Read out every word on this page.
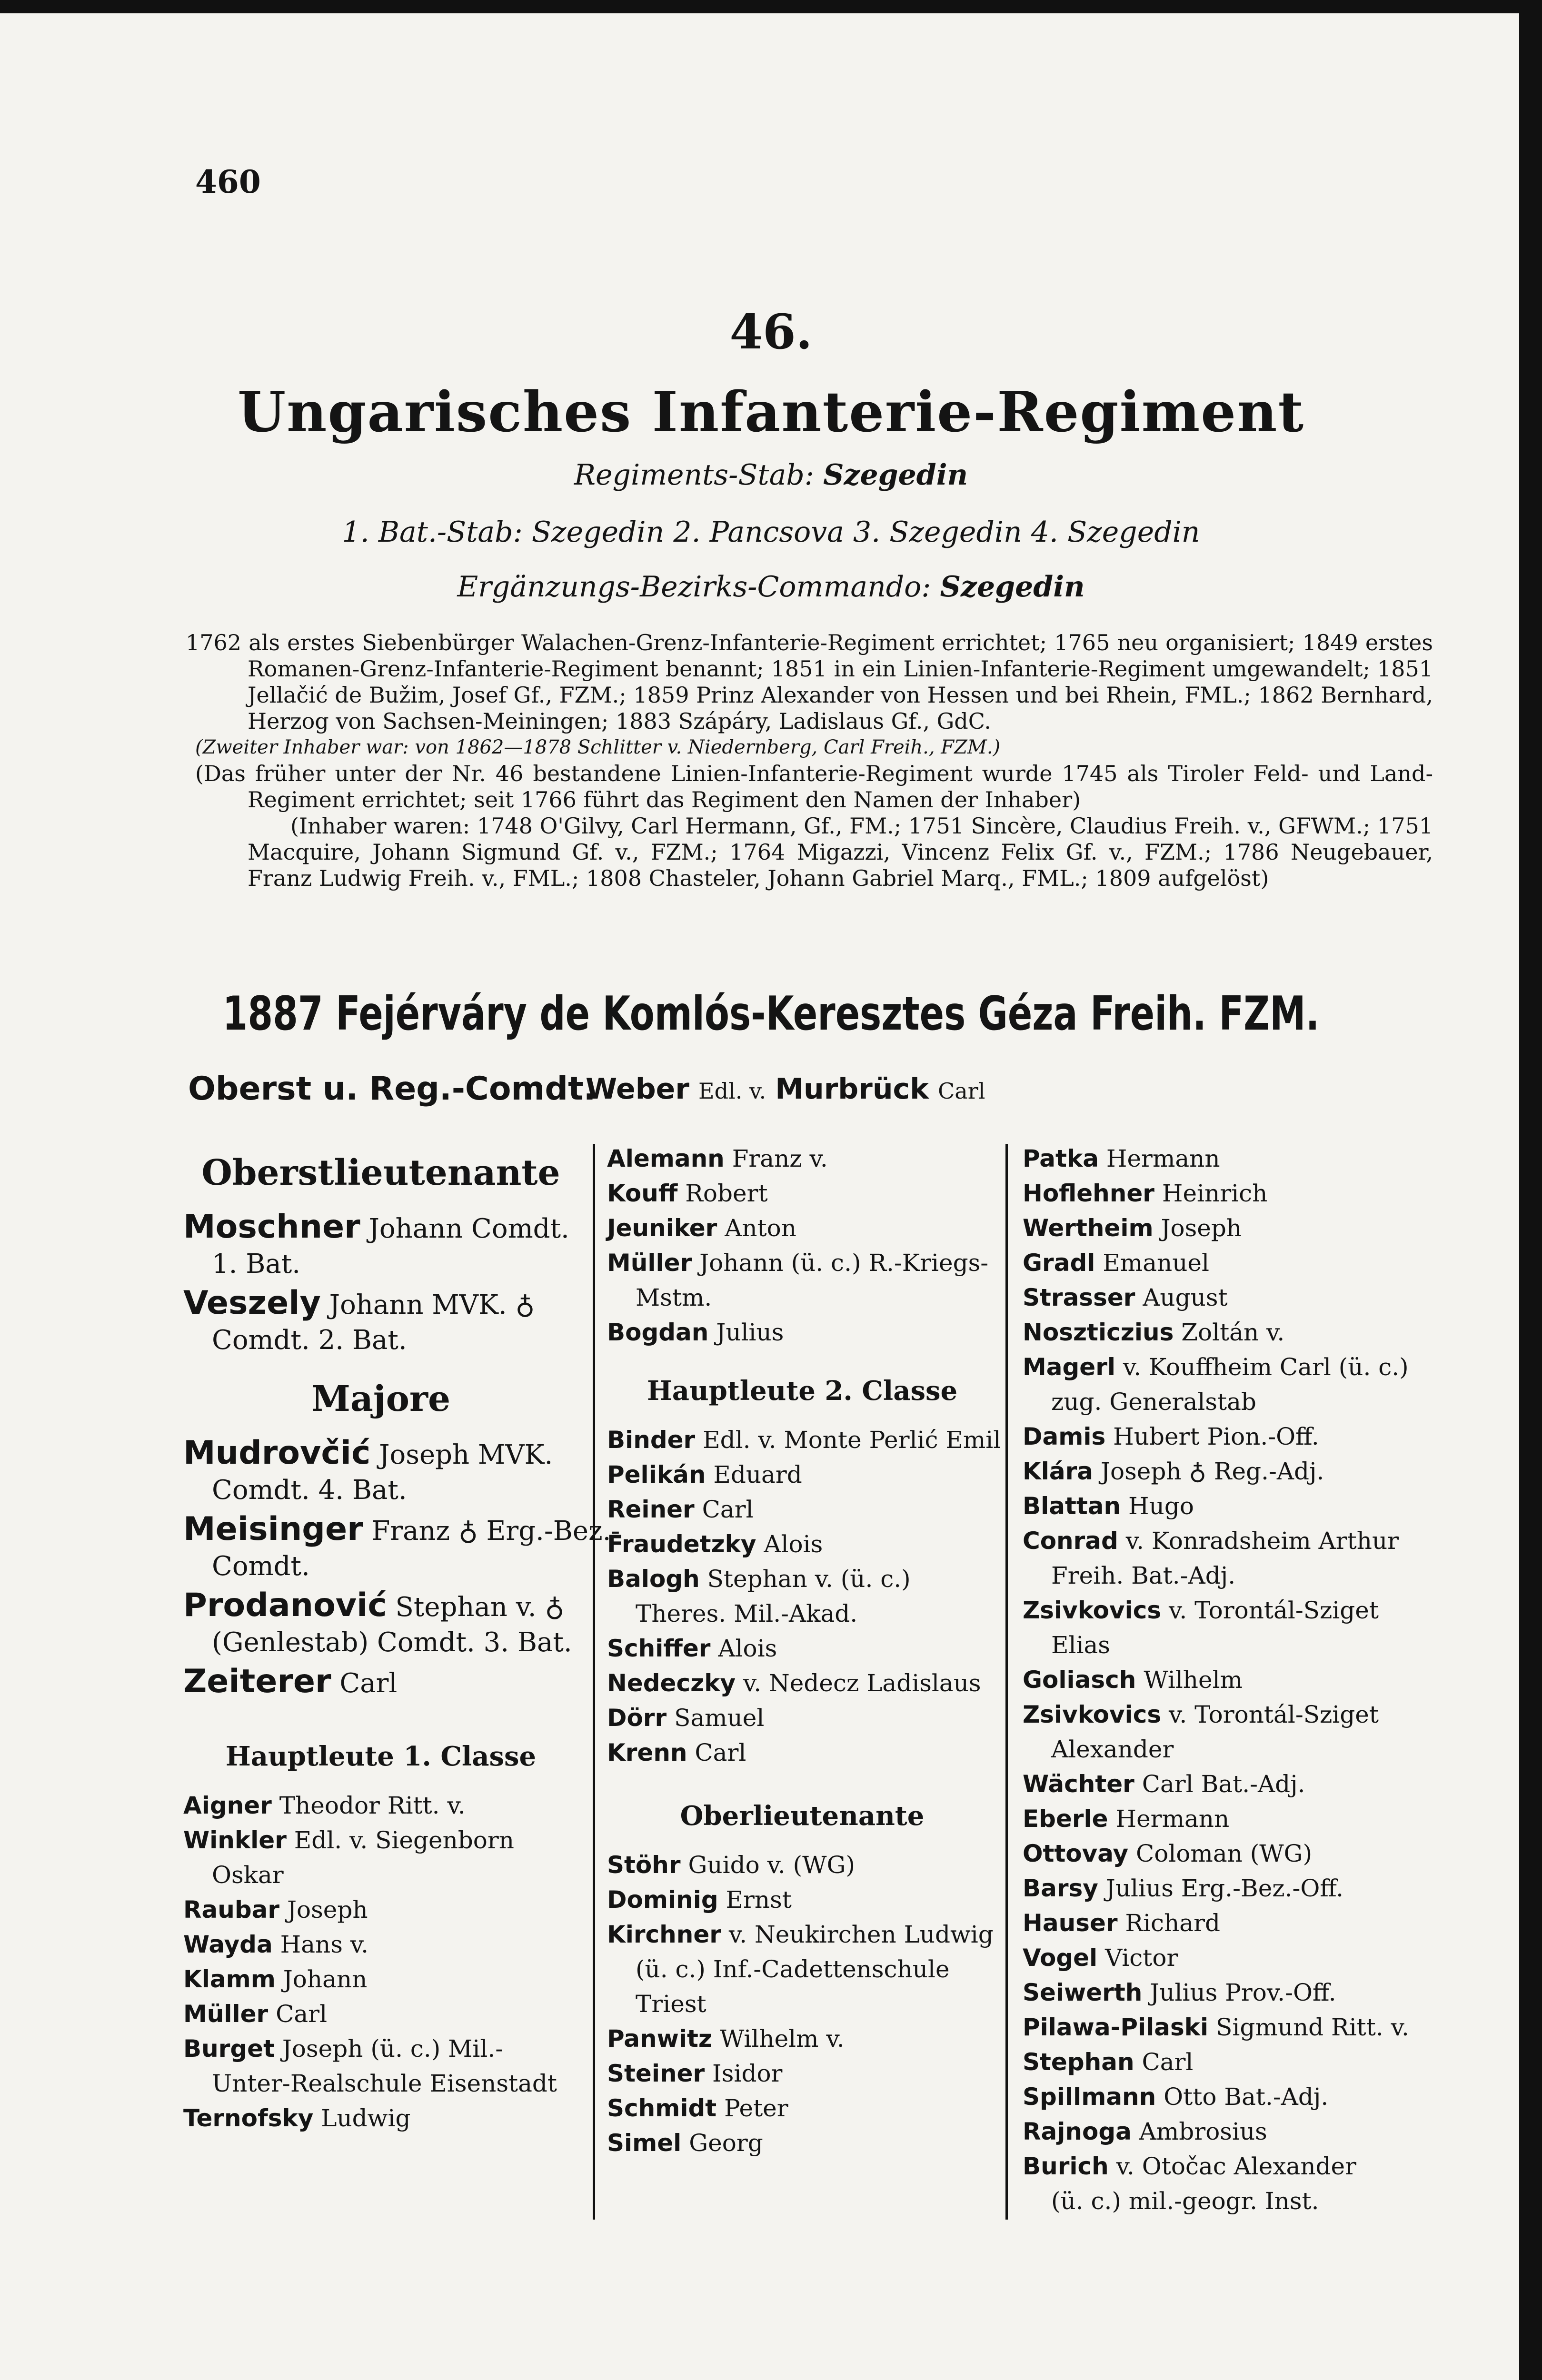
460
46.
Ungarisches Infanterie-Regiment
Regiments-Stab: Szegedin
1. Bat.-Stab: Szegedin 2. Pancsova 3. Szegedin 4. Szegedin
Ergänzungs-Bezirks-Commando: Szegedin

1762 als erstes Siebenbürger Walachen-Grenz-Infanterie-Regiment errichtet; 1765 neu organisiert; 1849 erstes Romanen-Grenz-Infanterie-Regiment benannt; 1851 in ein Linien-Infanterie-Regiment umgewandelt; 1851 Jellačić de Bužim, Josef Gf., FZM.; 1859 Prinz Alexander von Hessen und bei Rhein, FML.; 1862 Bernhard, Herzog von Sachsen-Meiningen; 1883 Szápáry, Ladislaus Gf., GdC.

(Zweiter Inhaber war: von 1862—1878 Schlitter v. Niedernberg, Carl Freih., FZM.)

(Das früher unter der Nr. 46 bestandene Linien-Infanterie-Regiment wurde 1745 als Tiroler Feld- und Land-Regiment errichtet; seit 1766 führt das Regiment den Namen der Inhaber)

(Inhaber waren: 1748 O'Gilvy, Carl Hermann, Gf., FM.; 1751 Sincère, Claudius Freih. v., GFWM.; 1751 Macquire, Johann Sigmund Gf. v., FZM.; 1764 Migazzi, Vincenz Felix Gf. v., FZM.; 1786 Neugebauer, Franz Ludwig Freih. v., FML.; 1808 Chasteler, Johann Gabriel Marq., FML.; 1809 aufgelöst)

1887 Fejérváry de Komlós-Keresztes Géza Freih. FZM.
Oberst u. Reg.-Comdt.
Weber Edl. v. Murbrück Carl
Oberstlieutenante
Moschner Johann Comdt.
1. Bat.
Veszely Johann MVK. ♁
Comdt. 2. Bat.
Majore
Mudrovčić Joseph MVK.
Comdt. 4. Bat.
Meisinger Franz ♁ Erg.-Bez.-
Comdt.
Prodanović Stephan v. ♁
(Genlestab) Comdt. 3. Bat.
Zeiterer Carl
Hauptleute 1. Classe
Aigner Theodor Ritt. v.
Winkler Edl. v. Siegenborn
Oskar
Raubar Joseph
Wayda Hans v.
Klamm Johann
Müller Carl
Burget Joseph (ü. c.) Mil.-
Unter-Realschule Eisenstadt
Ternofsky Ludwig
Alemann Franz v.
Kouff Robert
Jeuniker Anton
Müller Johann (ü. c.) R.-Kriegs-
Mstm.
Bogdan Julius
Hauptleute 2. Classe
Binder Edl. v. Monte Perlić Emil
Pelikán Eduard
Reiner Carl
Fraudetzky Alois
Balogh Stephan v. (ü. c.)
Theres. Mil.-Akad.
Schiffer Alois
Nedeczky v. Nedecz Ladislaus
Dörr Samuel
Krenn Carl
Oberlieutenante
Stöhr Guido v. (WG)
Dominig Ernst
Kirchner v. Neukirchen Ludwig
(ü. c.) Inf.-Cadettenschule Triest
Panwitz Wilhelm v.
Steiner Isidor
Schmidt Peter
Simel Georg
Patka Hermann
Hoflehner Heinrich
Wertheim Joseph
Gradl Emanuel
Strasser August
Noszticzius Zoltán v.
Magerl v. Kouffheim Carl (ü. c.)
zug. Generalstab
Damis Hubert Pion.-Off.
Klára Joseph ♁ Reg.-Adj.
Blattan Hugo
Conrad v. Konradsheim Arthur
Freih. Bat.-Adj.
Zsivkovics v. Torontál-Sziget
Elias
Goliasch Wilhelm
Zsivkovics v. Torontál-Sziget
Alexander
Wächter Carl Bat.-Adj.
Eberle Hermann
Ottovay Coloman (WG)
Barsy Julius Erg.-Bez.-Off.
Hauser Richard
Vogel Victor
Seiwerth Julius Prov.-Off.
Pilawa-Pilaski Sigmund Ritt. v.
Stephan Carl
Spillmann Otto Bat.-Adj.
Rajnoga Ambrosius
Burich v. Otočac Alexander
(ü. c.) mil.-geogr. Inst.
